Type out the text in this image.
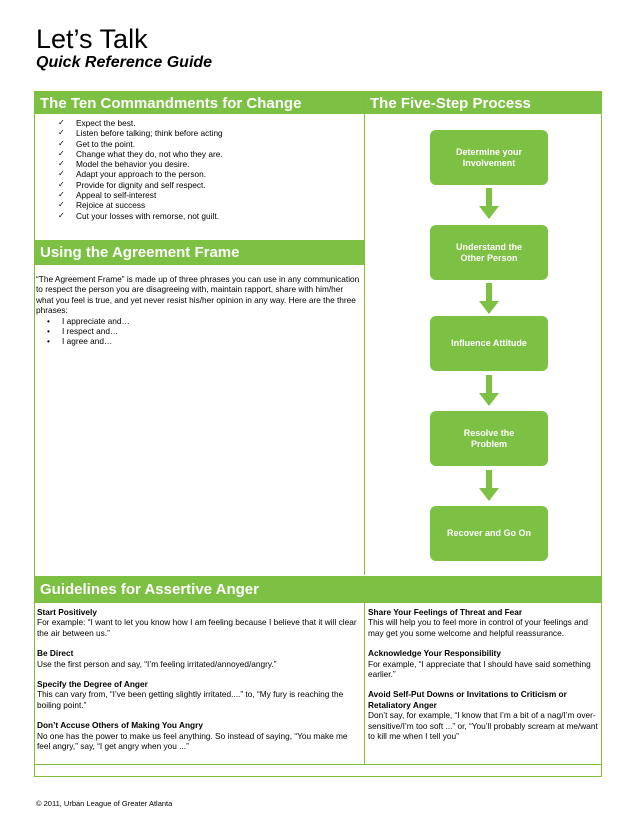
Let’s Talk
Quick Reference Guide
The Ten Commandments for Change
✓ Expect the best.
✓ Listen before talking; think before acting
✓ Get to the point.
✓ Change what they do, not who they are.
✓ Model the behavior you desire.
✓ Adapt your approach to the person.
✓ Provide for dignity and self respect.
✓ Appeal to self-interest
✓ Rejoice at success
✓ Cut your losses with remorse, not guilt.
Using the Agreement Frame

“The Agreement Frame” is made up of three phrases you can use in any communication to respect the person you are disagreeing with, maintain rapport, share with him/her what you feel is true, and yet never resist his/her opinion in any way. Here are the three phrases:

• I appreciate and…
• I respect and…
• I agree and…
The Five-Step Process
Determine your Involvement
Understand the Other Person
Influence Attitude
Resolve the Problem
Recover and Go On
Guidelines for Assertive Anger
Start Positively
For example: “I want to let you know how I am feeling because I believe that it will clear the air between us.”
Be Direct
Use the first person and say, “I’m feeling irritated/annoyed/angry.”
Specify the Degree of Anger
This can vary from, “I’ve been getting slightly irritated....” to, “My fury is reaching the boiling point.”
Don’t Accuse Others of Making You Angry
No one has the power to make us feel anything. So instead of saying, “You make me feel angry,” say, “I get angry when you ...”
Share Your Feelings of Threat and Fear
This will help you to feel more in control of your feelings and may get you some welcome and helpful reassurance.
Acknowledge Your Responsibility
For example, “I appreciate that I should have said something earlier.”
Avoid Self-Put Downs or Invitations to Criticism or Retaliatory Anger
Don’t say, for example, “I know that I’m a bit of a nag/I’m over-sensitive/I’m too soft ...” or, “You’ll probably scream at me/want to kill me when I tell you”
© 2011, Urban League of Greater Atlanta
